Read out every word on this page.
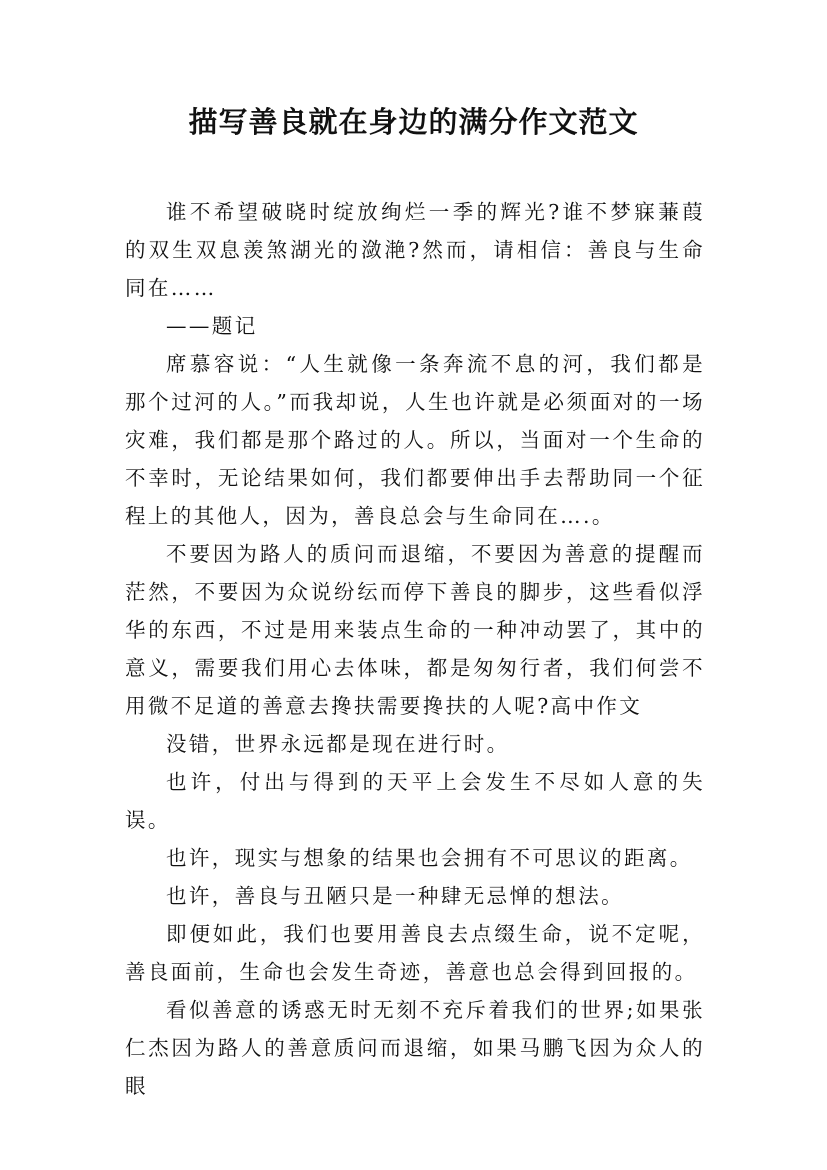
描写善良就在身边的满分作文范文

谁不希望破晓时绽放绚烂一季的辉光?谁不梦寐蒹葭的双生双息羡煞湖光的潋滟?然而，请相信：善良与生命同在……

——题记

席慕容说：“人生就像一条奔流不息的河，我们都是那个过河的人。”而我却说，人生也许就是必须面对的一场灾难，我们都是那个路过的人。所以，当面对一个生命的不幸时，无论结果如何，我们都要伸出手去帮助同一个征程上的其他人，因为，善良总会与生命同在….。

不要因为路人的质问而退缩，不要因为善意的提醒而茫然，不要因为众说纷纭而停下善良的脚步，这些看似浮华的东西，不过是用来装点生命的一种冲动罢了，其中的意义，需要我们用心去体味，都是匆匆行者，我们何尝不用微不足道的善意去搀扶需要搀扶的人呢?高中作文

没错，世界永远都是现在进行时。

也许，付出与得到的天平上会发生不尽如人意的失误。

也许，现实与想象的结果也会拥有不可思议的距离。

也许，善良与丑陋只是一种肆无忌惮的想法。

即便如此，我们也要用善良去点缀生命，说不定呢，善良面前，生命也会发生奇迹，善意也总会得到回报的。

看似善意的诱惑无时无刻不充斥着我们的世界;如果张仁杰因为路人的善意质问而退缩，如果马鹏飞因为众人的眼
